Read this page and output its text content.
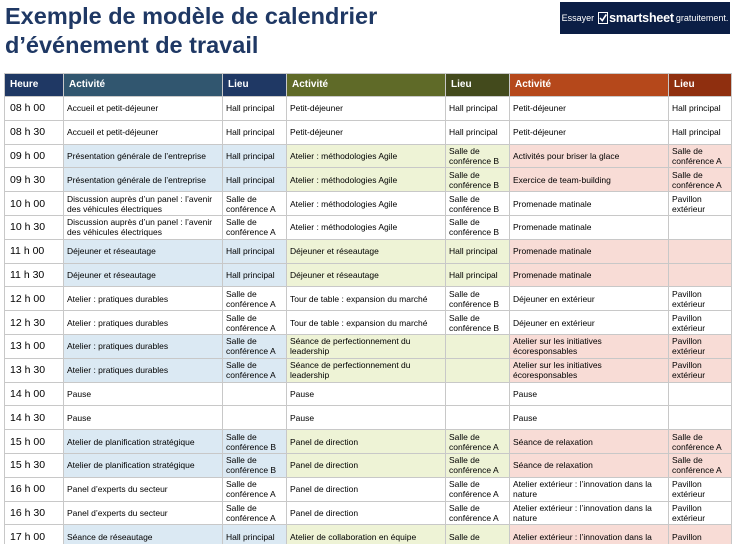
Exemple de modèle de calendrier d’événement de travail
Essayer smartsheet gratuitement.
Heure	Activité	Lieu	Activité	Lieu	Activité	Lieu
08 h 00	Accueil et petit-déjeuner	Hall principal	Petit-déjeuner	Hall principal	Petit-déjeuner	Hall principal
08 h 30	Accueil et petit-déjeuner	Hall principal	Petit-déjeuner	Hall principal	Petit-déjeuner	Hall principal
09 h 00	Présentation générale de l’entreprise	Hall principal	Atelier : méthodologies Agile	Salle de conférence B	Activités pour briser la glace	Salle de conférence A
09 h 30	Présentation générale de l’entreprise	Hall principal	Atelier : méthodologies Agile	Salle de conférence B	Exercice de team-building	Salle de conférence A
10 h 00	Discussion auprès d’un panel : l’avenir des véhicules électriques	Salle de conférence A	Atelier : méthodologies Agile	Salle de conférence B	Promenade matinale	Pavillon extérieur
10 h 30	Discussion auprès d’un panel : l’avenir des véhicules électriques	Salle de conférence A	Atelier : méthodologies Agile	Salle de conférence B	Promenade matinale	
11 h 00	Déjeuner et réseautage	Hall principal	Déjeuner et réseautage	Hall principal	Promenade matinale	
11 h 30	Déjeuner et réseautage	Hall principal	Déjeuner et réseautage	Hall principal	Promenade matinale	
12 h 00	Atelier : pratiques durables	Salle de conférence A	Tour de table : expansion du marché	Salle de conférence B	Déjeuner en extérieur	Pavillon extérieur
12 h 30	Atelier : pratiques durables	Salle de conférence A	Tour de table : expansion du marché	Salle de conférence B	Déjeuner en extérieur	Pavillon extérieur
13 h 00	Atelier : pratiques durables	Salle de conférence A	Séance de perfectionnement du leadership		Atelier sur les initiatives écoresponsables	Pavillon extérieur
13 h 30	Atelier : pratiques durables	Salle de conférence A	Séance de perfectionnement du leadership		Atelier sur les initiatives écoresponsables	Pavillon extérieur
14 h 00	Pause		Pause		Pause	
14 h 30	Pause		Pause		Pause	
15 h 00	Atelier de planification stratégique	Salle de conférence B	Panel de direction	Salle de conférence A	Séance de relaxation	Salle de conférence A
15 h 30	Atelier de planification stratégique	Salle de conférence B	Panel de direction	Salle de conférence A	Séance de relaxation	Salle de conférence A
16 h 00	Panel d’experts du secteur	Salle de conférence A	Panel de direction	Salle de conférence A	Atelier extérieur : l’innovation dans la nature	Pavillon extérieur
16 h 30	Panel d’experts du secteur	Salle de conférence A	Panel de direction	Salle de conférence A	Atelier extérieur : l’innovation dans la nature	Pavillon extérieur
17 h 00	Séance de réseautage	Hall principal	Atelier de collaboration en équipe	Salle de	Atelier extérieur : l’innovation dans la	Pavillon
